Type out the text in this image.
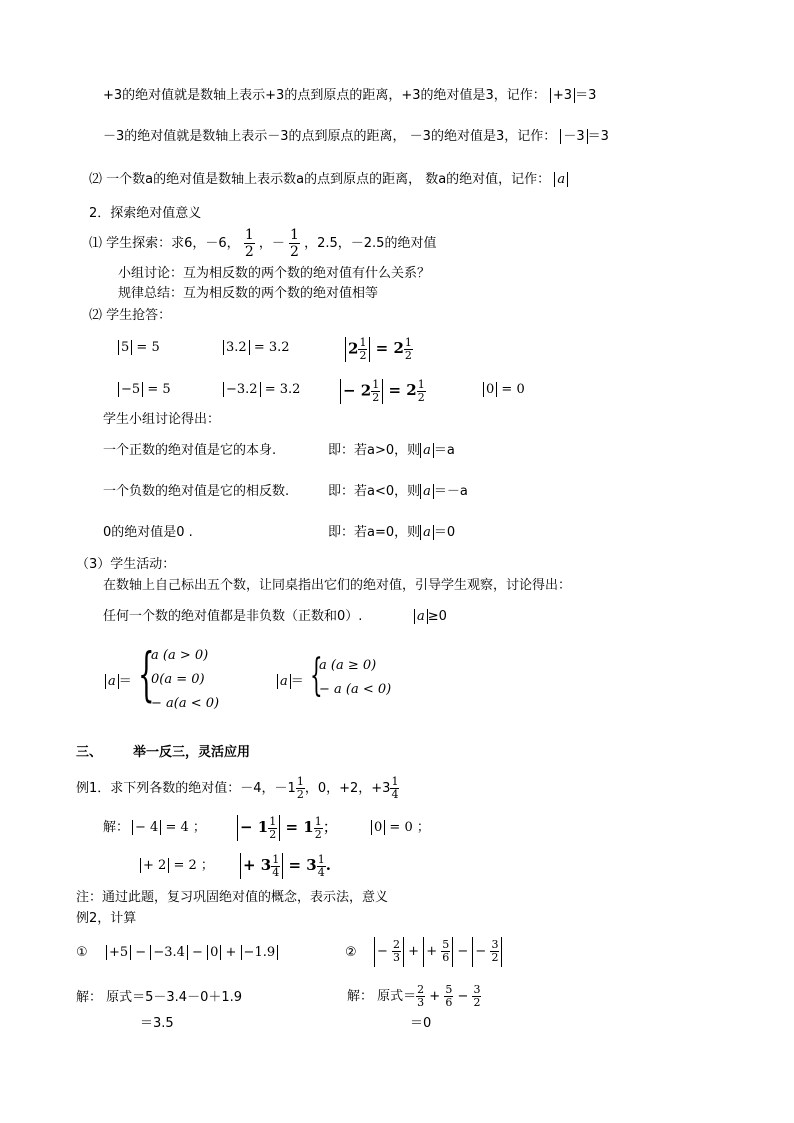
+3的绝对值就是数轴上表示+3的点到原点的距离，+3的绝对值是3，记作： +3 ＝3
－3的绝对值就是数轴上表示－3的点到原点的距离， －3的绝对值是3，记作： －3 ＝3
⑵ 一个数a的绝对值是数轴上表示数a的点到原点的距离， 数a的绝对值，记作： a
2．探索绝对值意义
⑴ 学生探索：求6，－6， $\frac{1}{2}$ ，－ $\frac{1}{2}$ ，2.5，－2.5的绝对值
小组讨论：互为相反数的两个数的绝对值有什么关系？
规律总结：互为相反数的两个数的绝对值相等
⑵ 学生抢答：
5 = 5	3.2 = 3.2	$2 \frac{1}{2} = 2 \frac{1}{2}$
−5 = 5	−3.2 = 3.2	− $2 \frac{1}{2} = 2 \frac{1}{2}$	0 = 0
学生小组讨论得出：
一个正数的绝对值是它的本身.	即：若a>0，则 a ＝a
一个负数的绝对值是它的相反数.	即：若a<0，则 a ＝－a
0的绝对值是0 .	即：若a=0，则 a ＝0
（3）学生活动：
在数轴上自己标出五个数，让同桌指出它们的绝对值，引导学生观察，讨论得出：
任何一个数的绝对值都是非负数（正数和0）.	a ≥0
a ＝ {
a (a > 0)
0(a = 0)
− a(a < 0)
a ＝ {
a (a ≥ 0)
− a (a < 0)
三、 举一反三，灵活应用
例1．求下列各数的绝对值：－4，$-1 \frac{1}{2}$ ，0，+2，$+3 \frac{1}{4}$
解： − 4 = 4 ； − $1 \frac{1}{2} = 1 \frac{1}{2}$ ；	0 = 0 ；
+ 2 = 2 ； + $3 \frac{1}{4} = 3 \frac{1}{4}$ .
注：通过此题，复习巩固绝对值的概念，表示法，意义
例2，计算
① +5 − −3.4 − 0 + −1.9	② − $\frac{2}{3}$ + + $\frac{5}{6}$ − − $\frac{3}{2}$
解： 原式＝5－3.4－0＋1.9
＝3.5
解： 原式＝ $\frac{2}{3} + \frac{5}{6} - \frac{3}{2}$
＝0
